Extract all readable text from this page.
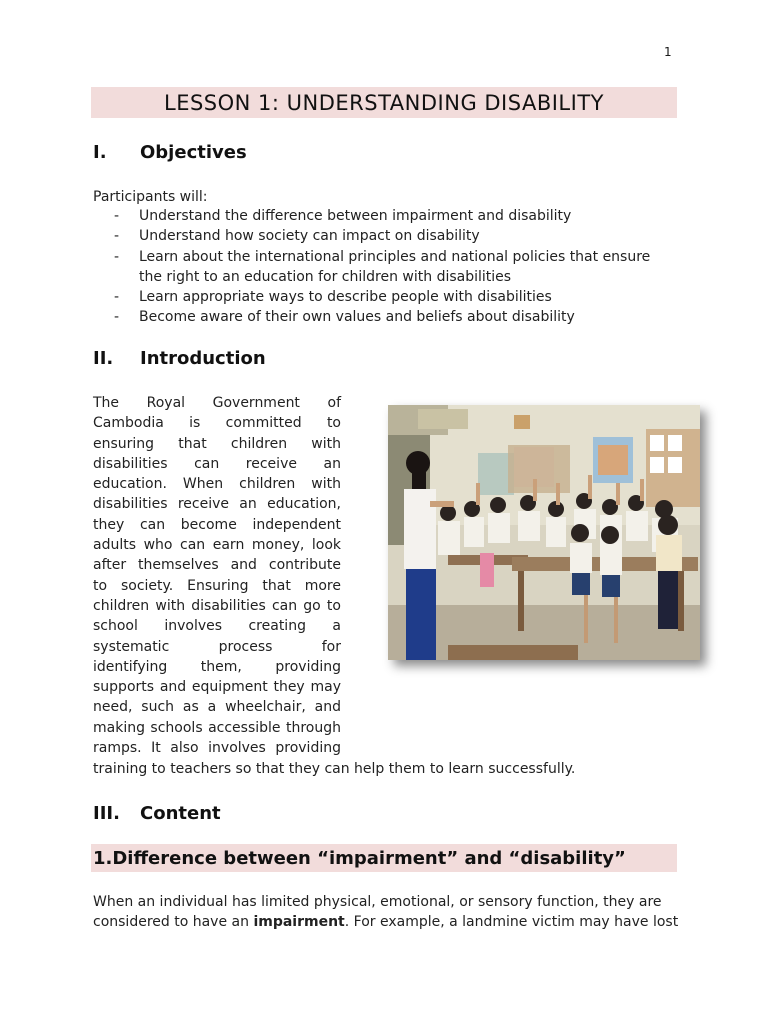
1
LESSON 1: UNDERSTANDING DISABILITY
I. Objectives
Participants will:
- Understand the difference between impairment and disability
- Understand how society can impact on disability
- Learn about the international principles and national policies that ensure the right to an education for children with disabilities
- Learn appropriate ways to describe people with disabilities
- Become aware of their own values and beliefs about disability
II. Introduction

The Royal Government of

Cambodia is committed to

ensuring that children with

disabilities can receive an

education. When children with

disabilities receive an education,

they can become independent

adults who can earn money, look

after themselves and contribute

to society. Ensuring that more

children with disabilities can go to

school involves creating a

systematic process for

identifying them, providing

supports and equipment they may

need, such as a wheelchair, and

making schools accessible through

ramps. It also involves providing

training to teachers so that they can help them to learn successfully.
III. Content
1.Difference between “impairment” and “disability”
When an individual has limited physical, emotional, or sensory function, they are
considered to have an impairment. For example, a landmine victim may have lost
